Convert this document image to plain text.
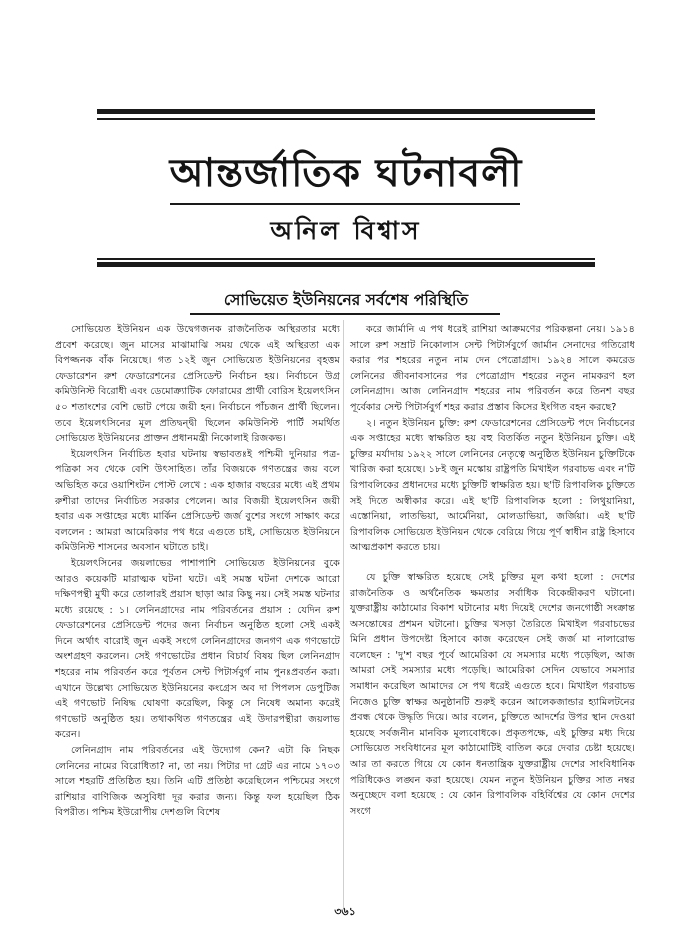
আন্তর্জাতিক ঘটনাবলী
অনিল বিশ্বাস
সোভিয়েত ইউনিয়নের সর্বশেষ পরিস্থিতি

সোভিয়েত ইউনিয়ন এক উদ্বেগজনক রাজনৈতিক অস্থিরতার মধ্যে প্রবেশ করেছে। জুন মাসের মাঝামাঝি সময় থেকে এই অস্থিরতা এক বিপজ্জনক বাঁক নিয়েছে। গত ১২ই জুন সোভিয়েত ইউনিয়নের বৃহত্তম ফেডারেশন রুশ ফেডারেশনের প্রেসিডেন্ট নির্বাচন হয়। নির্বাচনে উগ্র কমিউনিস্ট বিরোধী এবং ডেমোক্র্যাটিক ফোরামের প্রার্থী বোরিস ইয়েলৎসিন ৫০ শতাংশের বেশি ভোট পেয়ে জয়ী হন। নির্বাচনে পাঁচজন প্রার্থী ছিলেন। তবে ইয়েলৎসিনের মূল প্রতিদ্বন্দ্বী ছিলেন কমিউনিস্ট পার্টি সমর্থিত সোভিয়েত ইউনিয়নের প্রাক্তন প্রধানমন্ত্রী নিকোলাই রিজকভ।

ইয়েলৎসিন নির্বাচিত হবার ঘটনায় স্বভাবতঃই পশ্চিমী দুনিয়ার পত্র-পত্রিকা সব থেকে বেশি উৎসাহিত। তাঁর বিজয়কে গণতন্ত্রের জয় বলে অভিহিত করে ওয়াশিংটন পোস্ট লেখে : এক হাজার বছরের মধ্যে এই প্রথম রুশীরা তাদের নির্বাচিত সরকার পেলেন। আর বিজয়ী ইয়েলৎসিন জয়ী হবার এক সপ্তাহের মধ্যে মার্কিন প্রেসিডেন্ট জর্জ বুশের সংগে সাক্ষাৎ করে বললেন : আমরা আমেরিকার পথ ধরে এগুতে চাই, সোভিয়েত ইউনিয়নে কমিউনিস্ট শাসনের অবসান ঘটাতে চাই।

ইয়েলৎসিনের জয়লাভের পাশাপাশি সোভিয়েত ইউনিয়নের বুকে আরও কয়েকটি মারাত্মক ঘটনা ঘটে। এই সমস্ত ঘটনা দেশকে আরো দক্ষিণপন্থী মুখী করে তোলারই প্রয়াস ছাড়া আর কিছু নয়। সেই সমস্ত ঘটনার মধ্যে রয়েছে : ১। লেনিনগ্রাদের নাম পরিবর্তনের প্রয়াস : যেদিন রুশ ফেডারেশনের প্রেসিডেন্ট পদের জন্য নির্বাচন অনুষ্ঠিত হলো সেই একই দিনে অর্থাৎ বারোই জুন একই সংগে লেনিনগ্রাদের জনগণ এক গণভোটে অংশগ্রহণ করলেন। সেই গণভোটের প্রধান বিচার্য বিষয় ছিল লেনিনগ্রাদ শহরের নাম পরিবর্তন করে পূর্বতন সেন্ট পিটার্সবুর্গ নাম পুনঃপ্রবর্তন করা। এখানে উল্লেখ্য সোভিয়েত ইউনিয়নের কংগ্রেস অব দা পিপলস ডেপুটিজ এই গণভোট নিষিদ্ধ ঘোষণা করেছিল, কিন্তু সে নিষেধ অমান্য করেই গণভোট অনুষ্ঠিত হয়। তথাকথিত গণতন্ত্রের এই উদারপন্থীরা জয়লাভ করেন।

লেনিনগ্রাদ নাম পরিবর্তনের এই উদ্যোগ কেন? এটা কি নিছক লেনিনের নামের বিরোধিতা? না, তা নয়। পিটার দা গ্রেট এর নামে ১৭০৩ সালে শহরটি প্রতিষ্ঠিত হয়। তিনি এটি প্রতিষ্ঠা করেছিলেন পশ্চিমের সংগে রাশিয়ার বাণিজিক অসুবিধা দূর করার জন্য। কিন্তু ফল হয়েছিল ঠিক বিপরীত। পশ্চিম ইউরোপীয় দেশগুলি বিশেষ

করে জার্মানি এ পথ ধরেই রাশিয়া আক্রমণের পরিকল্পনা নেয়। ১৯১৪ সালে রুশ সম্রাট নিকোলাস সেন্ট পিটার্সবুর্গে জার্মান সেনাদের গতিরোধ করার পর শহরের নতুন নাম দেন পেত্রোগ্রাদ। ১৯২৪ সালে কমরেড লেনিনের জীবনাবসানের পর পেত্রোগ্রাদ শহরের নতুন নামকরণ হল লেনিনগ্রাদ। আজ লেনিনগ্রাদ শহরের নাম পরিবর্তন করে তিনশ বছর পূর্বেকার সেন্ট পিটার্সবুর্গ শহর করার প্রস্তাব কিসের ইংগিত বহন করছে?

২। নতুন ইউনিয়ন চুক্তি: রুশ ফেডারেশনের প্রেসিডেন্ট পদে নির্বাচনের এক সপ্তাহের মধ্যে স্বাক্ষরিত হয় বহু বিতর্কিত নতুন ইউনিয়ন চুক্তি। এই চুক্তির মর্যাদায় ১৯২২ সালে লেনিনের নেতৃত্বে অনুষ্ঠিত ইউনিয়ন চুক্তিটিকে খারিজ করা হয়েছে। ১৮ই জুন মস্কোয় রাষ্ট্রপতি মিখাইল গরবাচভ এবং ন'টি রিপাবলিকের প্রধানদের মধ্যে চুক্তিটি স্বাক্ষরিত হয়। ছ'টি রিপাবলিক চুক্তিতে সই দিতে অস্বীকার করে। এই ছ'টি রিপাবলিক হলো : লিথুয়ানিয়া, এস্তোনিয়া, লাতভিয়া, আর্মেনিয়া, মোলডাভিয়া, জর্জিয়া। এই ছ'টি রিপাবলিক সোভিয়েত ইউনিয়ন থেকে বেরিয়ে গিয়ে পূর্ণ স্বাধীন রাষ্ট্র হিসাবে আত্মপ্রকাশ করতে চায়।

যে চুক্তি স্বাক্ষরিত হয়েছে সেই চুক্তির মূল কথা হলো : দেশের রাজনৈতিক ও অর্থনৈতিক ক্ষমতার সর্বাধিক বিকেন্দ্রীকরণ ঘটানো। যুক্তরাষ্ট্রীয় কাঠামোর বিকাশ ঘটানোর মধ্য দিয়েই দেশের জনগোষ্ঠী সংক্রান্ত অসন্তোষের প্রশমন ঘটানো। চুক্তির খসড়া তৈরিতে মিখাইল গরবাচভের মিনি প্রধান উপদেষ্টা হিসাবে কাজ করেছেন সেই জর্জ মা নালারোভ বলেছেন : 'দু'শ বছর পূর্বে আমেরিকা যে সমস্যার মধ্যে পড়েছিল, আজ আমরা সেই সমস্যার মধ্যে পড়েছি। আমেরিকা সেদিন যেভাবে সমস্যার সমাধান করেছিল আমাদের সে পথ ধরেই এগুতে হবে। মিখাইল গরবাচভ নিজেও চুক্তি স্বাক্ষর অনুষ্ঠানটি শুরুই করেন আলেকজান্ডার হ্যামিলটনের প্রবন্ধ থেকে উদ্ধৃতি দিয়ে। আর বলেন, চুক্তিতে আদর্শের উপর স্থান দেওয়া হয়েছে সর্বজনীন মানবিক মূল্যবোধকে। প্রকৃতপক্ষে, এই চুক্তির মধ্য দিয়ে সোভিয়েত সংবিধানের মূল কাঠামোটিই বাতিল করে দেবার চেষ্টা হয়েছে। আর তা করতে গিয়ে যে কোন ধনতান্ত্রিক যুক্তরাষ্ট্রীয় দেশের সাংবিধানিক পরিধিকেও লঙ্ঘন করা হয়েছে। যেমন নতুন ইউনিয়ন চুক্তির সাত নম্বর অনুচ্ছেদে বলা হয়েছে : যে কোন রিপাবলিক বহির্বিশ্বের যে কোন দেশের সংগে

৩৬১
